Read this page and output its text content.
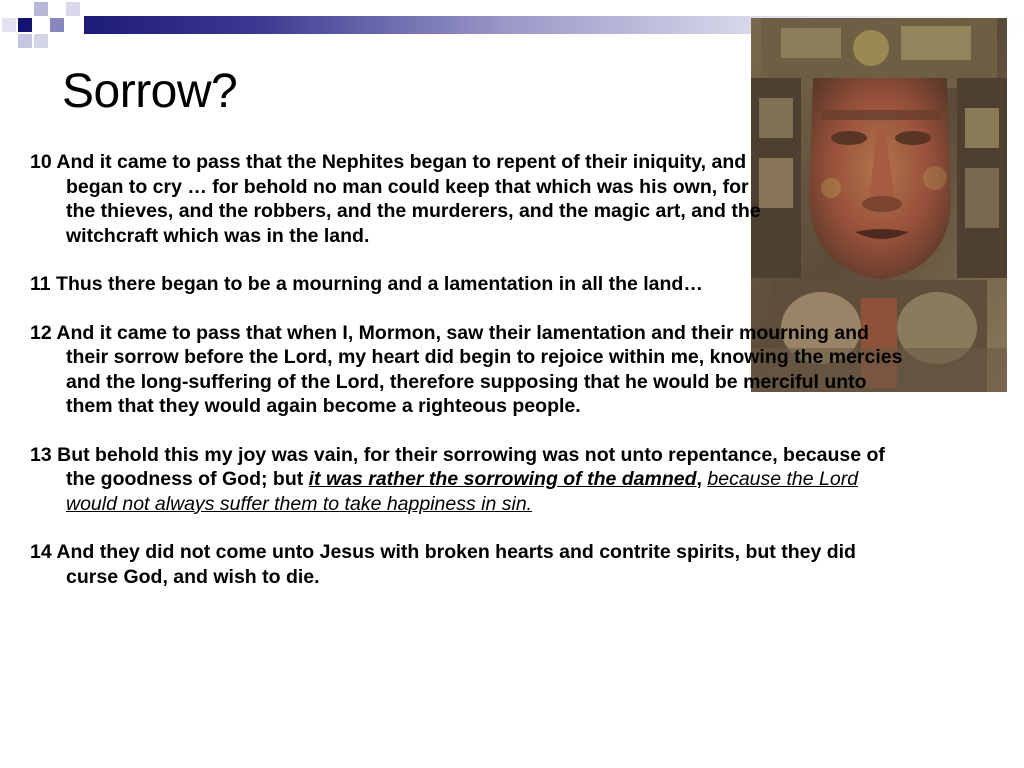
Sorrow?

10 And it came to pass that the Nephites began to repent of their iniquity, and began to cry … for behold no man could keep that which was his own, for the thieves, and the robbers, and the murderers, and the magic art, and the witchcraft which was in the land.

11 Thus there began to be a mourning and a lamentation in all the land…

12 And it came to pass that when I, Mormon, saw their lamentation and their mourning and their sorrow before the Lord, my heart did begin to rejoice within me, knowing the mercies and the long-suffering of the Lord, therefore supposing that he would be merciful unto them that they would again become a righteous people.

13 But behold this my joy was vain, for their sorrowing was not unto repentance, because of the goodness of God; but it was rather the sorrowing of the damned, because the Lord would not always suffer them to take happiness in sin.

14 And they did not come unto Jesus with broken hearts and contrite spirits, but they did curse God, and wish to die.
